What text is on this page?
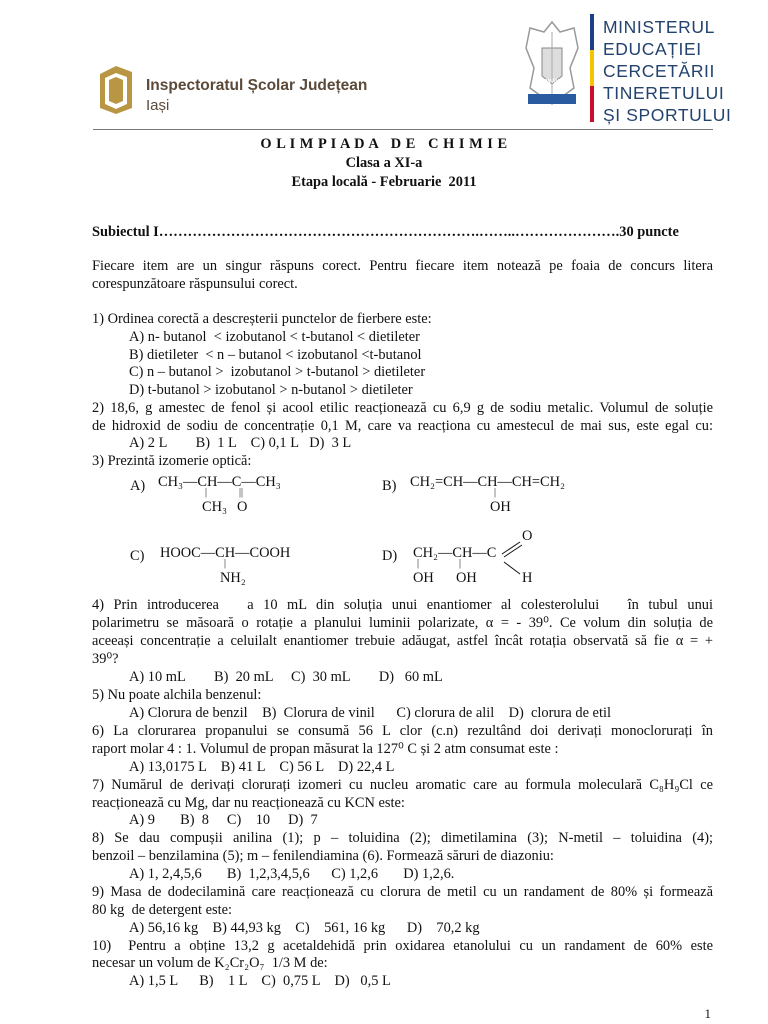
Inspectoratul Școlar Județean
Iași
ROMÂNIA
MINISTERUL
EDUCAȚIEI
CERCETĂRII
TINERETULUI
ȘI SPORTULUI
O L I M P I A D A   D E   C H I M I E
Clasa a XI-a
Etapa locală - Februarie  2011
Subiectul I………………………………………………………….……..………………….30 puncte
Fiecare item are un singur răspuns corect. Pentru fiecare item notează pe foaia de concurs litera
corespunzătoare răspunsului corect.
1) Ordinea corectă a descreșterii punctelor de fierbere este:
A) n- butanol  < izobutanol < t-butanol < dietileter
B) dietileter  < n – butanol < izobutanol <t-butanol
C) n – butanol >  izobutanol > t-butanol > dietileter
D) t-butanol > izobutanol > n-butanol > dietileter
2) 18,6, g amestec de fenol și acool etilic reacționează cu 6,9 g de sodiu metalic. Volumul de soluție
de hidroxid de sodiu de concentrație 0,1 M, care va reacționa cu amestecul de mai sus, este egal cu:
A) 2 L        B)  1 L    C) 0,1 L   D)  3 L
3) Prezintă izomerie optică:
A) CH₃—CH—C—CH₃
|	||
CH₃ O
B) CH₂=CH—CH—CH=CH₂
|
OH
C) HOOC—CH—COOH
|
NH₂
D) CH₂—CH—C
O
H
|	|
OH OH
4) Prin introducerea   a 10 mL din soluția unui enantiomer al colesterolului   în tubul unui
polarimetru se măsoară o rotație a planului luminii polarizate, α = - 39⁰. Ce volum din soluția de
aceeași concentrație a celuilalt enantiomer trebuie adăugat, astfel încât rotația observată să fie α = +
39⁰?
A) 10 mL        B)  20 mL     C)  30 mL        D)   60 mL
5) Nu poate alchila benzenul:
A) Clorura de benzil    B)  Clorura de vinil      C) clorura de alil    D)  clorura de etil
6) La clorurarea propanului se consumă 56 L clor (c.n) rezultând doi derivați monoclorurați în
raport molar 4 : 1. Volumul de propan măsurat la 127⁰ C și 2 atm consumat este :
A) 13,0175 L    B) 41 L    C) 56 L    D) 22,4 L
7) Numărul de derivați clorurați izomeri cu nucleu aromatic care au formula moleculară C₈H₉Cl ce
reacționează cu Mg, dar nu reacționează cu KCN este:
A) 9       B)  8     C)    10     D)  7
8) Se dau compușii anilina (1); p – toluidina (2); dimetilamina (3); N-metil – toluidina (4);
benzoil – benzilamina (5); m – fenilendiamina (6). Formează săruri de diazoniu:
A) 1, 2,4,5,6       B)  1,2,3,4,5,6      C) 1,2,6       D) 1,2,6.
9) Masa de dodecilamină care reacționează cu clorura de metil cu un randament de 80% și formează
80 kg  de detergent este:
A) 56,16 kg    B) 44,93 kg    C)    561, 16 kg      D)    70,2 kg
10)  Pentru a obține 13,2 g acetaldehidă prin oxidarea etanolului cu un randament de 60% este
necesar un volum de K₂Cr₂O₇  1/3 M de:
A) 1,5 L      B)    1 L    C)  0,75 L    D)   0,5 L
1
